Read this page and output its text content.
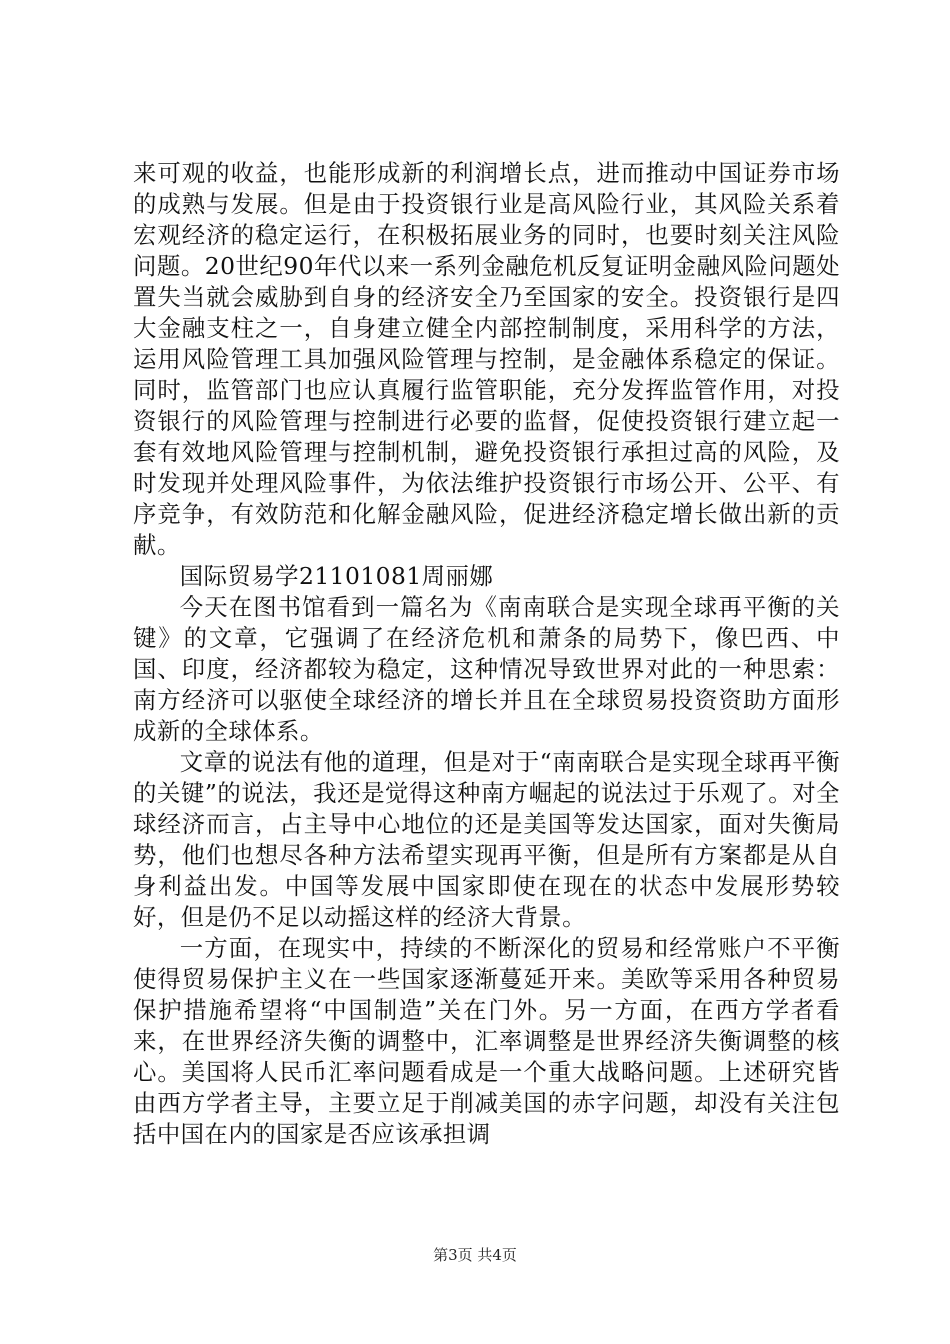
来可观的收益，也能形成新的利润增长点，进而推动中国证券市场的成熟与发展。但是由于投资银行业是高风险行业，其风险关系着宏观经济的稳定运行，在积极拓展业务的同时，也要时刻关注风险问题。20世纪90年代以来一系列金融危机反复证明金融风险问题处置失当就会威胁到自身的经济安全乃至国家的安全。投资银行是四大金融支柱之一，自身建立健全内部控制制度，采用科学的方法，运用风险管理工具加强风险管理与控制，是金融体系稳定的保证。同时，监管部门也应认真履行监管职能，充分发挥监管作用，对投资银行的风险管理与控制进行必要的监督，促使投资银行建立起一套有效地风险管理与控制机制，避免投资银行承担过高的风险，及时发现并处理风险事件，为依法维护投资银行市场公开、公平、有序竞争，有效防范和化解金融风险，促进经济稳定增长做出新的贡献。

国际贸易学21101081周丽娜

今天在图书馆看到一篇名为《南南联合是实现全球再平衡的关键》的文章，它强调了在经济危机和萧条的局势下，像巴西、中国、印度，经济都较为稳定，这种情况导致世界对此的一种思索：南方经济可以驱使全球经济的增长并且在全球贸易投资资助方面形成新的全球体系。

文章的说法有他的道理，但是对于“南南联合是实现全球再平衡的关键”的说法，我还是觉得这种南方崛起的说法过于乐观了。对全球经济而言，占主导中心地位的还是美国等发达国家，面对失衡局势，他们也想尽各种方法希望实现再平衡，但是所有方案都是从自身利益出发。中国等发展中国家即使在现在的状态中发展形势较好，但是仍不足以动摇这样的经济大背景。

一方面，在现实中，持续的不断深化的贸易和经常账户不平衡使得贸易保护主义在一些国家逐渐蔓延开来。美欧等采用各种贸易保护措施希望将“中国制造”关在门外。另一方面，在西方学者看来，在世界经济失衡的调整中，汇率调整是世界经济失衡调整的核心。美国将人民币汇率问题看成是一个重大战略问题。上述研究皆由西方学者主导，主要立足于削减美国的赤字问题，却没有关注包括中国在内的国家是否应该承担调

第3页 共4页
